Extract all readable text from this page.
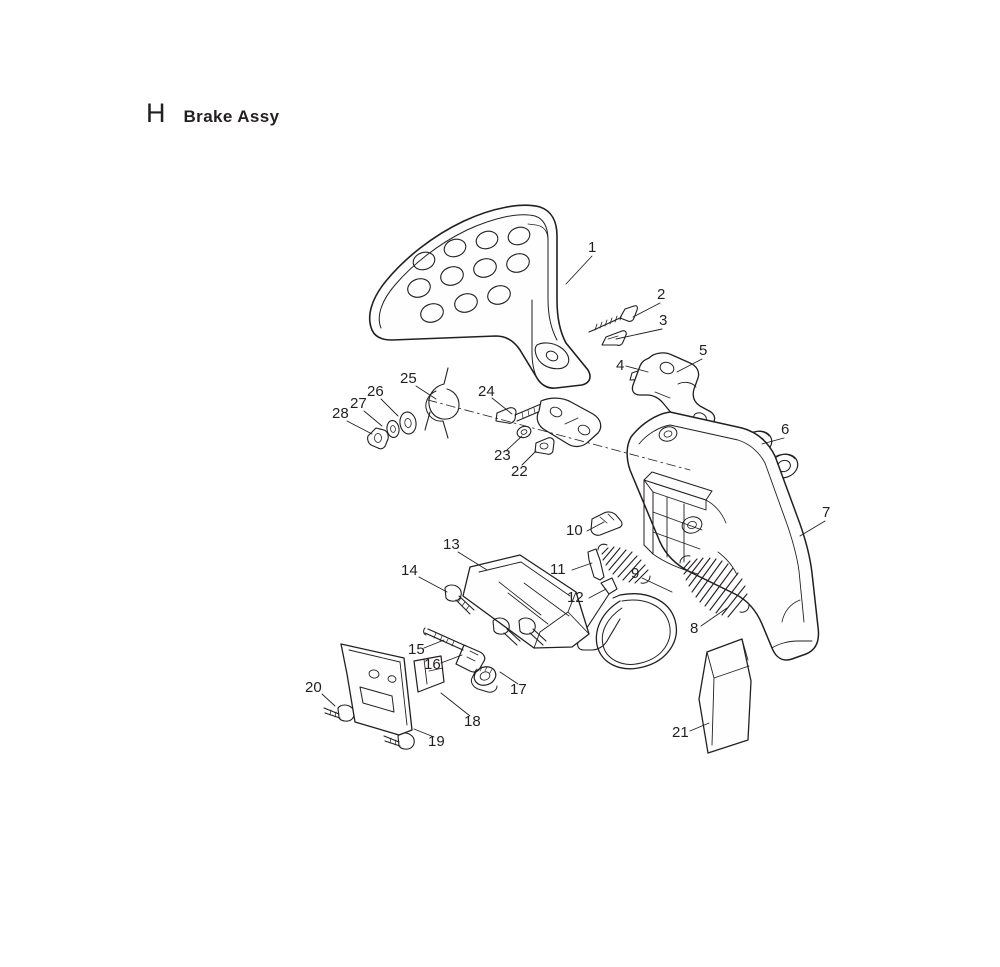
H Brake Assy
1
2
3
4
5
6
7
8
9
10
11
12
13
14
15
16
17
18
19
20
21
22
23
24
25
26
27
28
